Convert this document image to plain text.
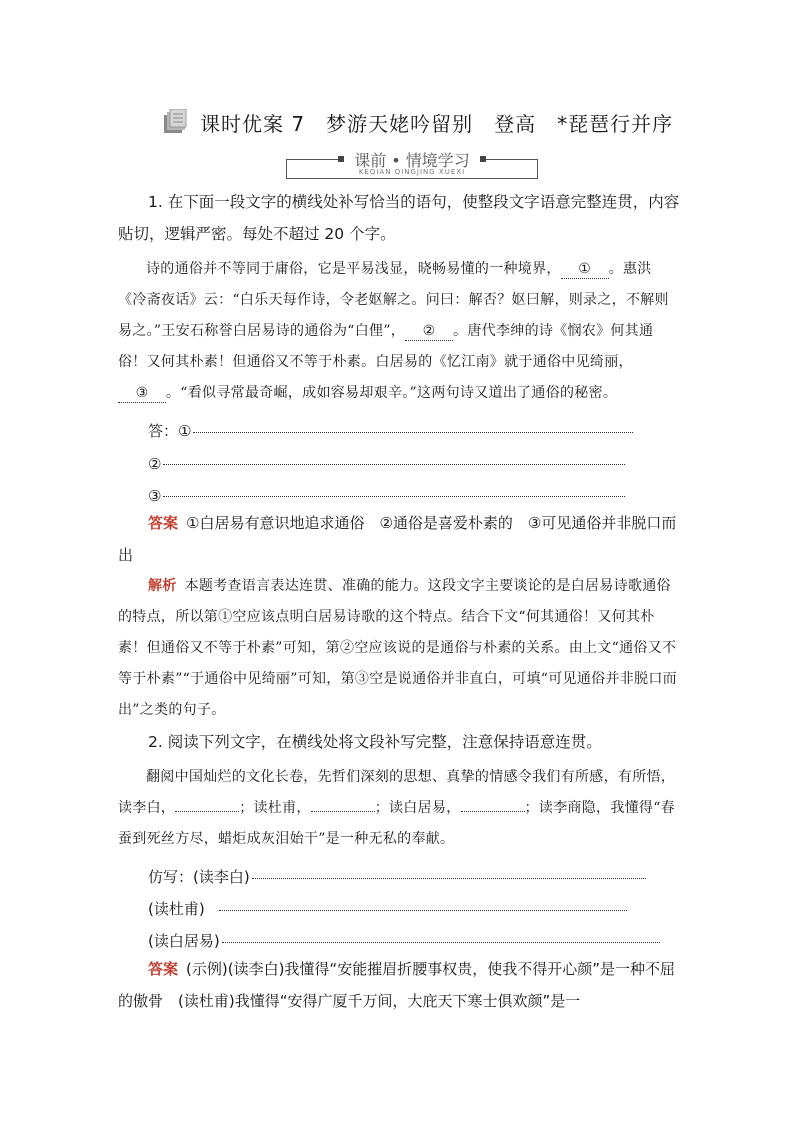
课时优案 7　梦游天姥吟留别　登高　*琵琶行并序
课前 • 情境学习
KEQIAN QINGJING XUEXI

1. 在下面一段文字的横线处补写恰当的语句，使整段文字语意完整连贯，内容贴切，逻辑严密。每处不超过 20 个字。

诗的通俗并不等同于庸俗，它是平易浅显，晓畅易懂的一种境界， ① 。惠洪《冷斋夜话》云：“白乐天每作诗，令老妪解之。问曰：解否？妪曰解，则录之，不解则易之。”王安石称誉白居易诗的通俗为“白俚”， ② 。唐代李绅的诗《悯农》何其通俗！又何其朴素！但通俗又不等于朴素。白居易的《忆江南》就于通俗中见绮丽，③ 。“看似寻常最奇崛，成如容易却艰辛。”这两句诗又道出了通俗的秘密。

答：①
②
③

答案 ①白居易有意识地追求通俗　②通俗是喜爱朴素的　③可见通俗并非脱口而出

解析 本题考查语言表达连贯、准确的能力。这段文字主要谈论的是白居易诗歌通俗的特点，所以第①空应该点明白居易诗歌的这个特点。结合下文“何其通俗！又何其朴素！但通俗又不等于朴素”可知，第②空应该说的是通俗与朴素的关系。由上文“通俗又不等于朴素”“于通俗中见绮丽”可知，第③空是说通俗并非直白，可填“可见通俗并非脱口而出”之类的句子。

2. 阅读下列文字，在横线处将文段补写完整，注意保持语意连贯。

翻阅中国灿烂的文化长卷，先哲们深刻的思想、真挚的情感令我们有所感，有所悟，读李白，	；读杜甫，	；读白居易，	；读李商隐，我懂得“春蚕到死丝方尽，蜡炬成灰泪始干”是一种无私的奉献。

仿写：(读李白)
(读杜甫)
(读白居易)

答案 (示例)(读李白)我懂得“安能摧眉折腰事权贵，使我不得开心颜”是一种不屈的傲骨　(读杜甫)我懂得“安得广厦千万间，大庇天下寒士俱欢颜”是一
